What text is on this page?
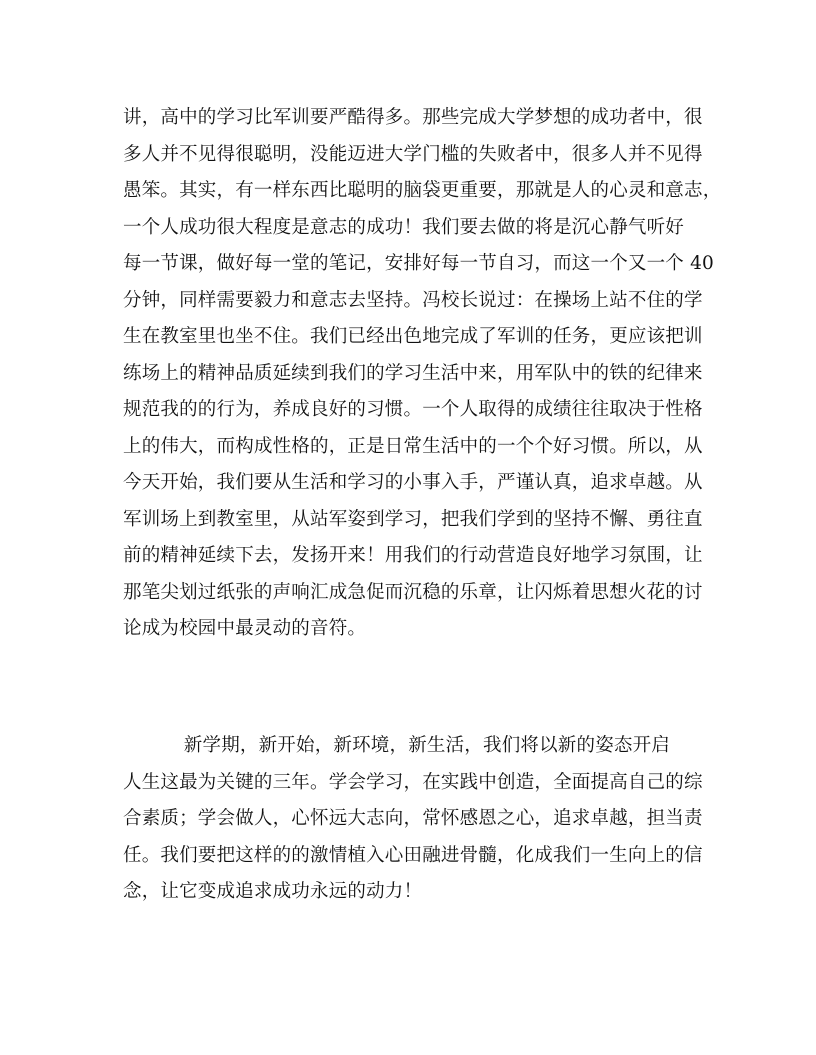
讲，高中的学习比军训要严酷得多。那些完成大学梦想的成功者中，很
多人并不见得很聪明，没能迈进大学门槛的失败者中，很多人并不见得
愚笨。其实，有一样东西比聪明的脑袋更重要，那就是人的心灵和意志，
一个人成功很大程度是意志的成功！我们要去做的将是沉心静气听好
每一节课，做好每一堂的笔记，安排好每一节自习，而这一个又一个 40
分钟，同样需要毅力和意志去坚持。冯校长说过：在操场上站不住的学
生在教室里也坐不住。我们已经出色地完成了军训的任务，更应该把训
练场上的精神品质延续到我们的学习生活中来，用军队中的铁的纪律来
规范我的的行为，养成良好的习惯。一个人取得的成绩往往取决于性格
上的伟大，而构成性格的，正是日常生活中的一个个好习惯。所以，从
今天开始，我们要从生活和学习的小事入手，严谨认真，追求卓越。从
军训场上到教室里，从站军姿到学习，把我们学到的坚持不懈、勇往直
前的精神延续下去，发扬开来！用我们的行动营造良好地学习氛围，让
那笔尖划过纸张的声响汇成急促而沉稳的乐章，让闪烁着思想火花的讨
论成为校园中最灵动的音符。
新学期，新开始，新环境，新生活，我们将以新的姿态开启
人生这最为关键的三年。学会学习，在实践中创造，全面提高自己的综
合素质；学会做人，心怀远大志向，常怀感恩之心，追求卓越，担当责
任。我们要把这样的的激情植入心田融进骨髓，化成我们一生向上的信
念，让它变成追求成功永远的动力！
